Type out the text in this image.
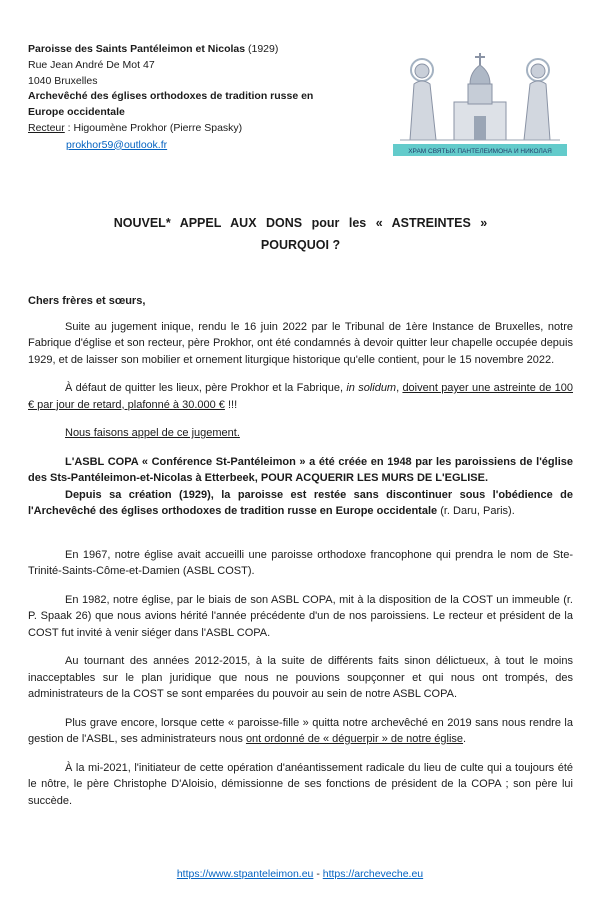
Paroisse des Saints Pantéleimon et Nicolas (1929)
Rue Jean André De Mot 47
1040 Bruxelles
Archevêché des églises orthodoxes de tradition russe en Europe occidentale
Recteur : Higoumène Prokhor (Pierre Spasky)
prokhor59@outlook.fr
ХРАМ СВЯТЫХ ПАНТЕЛЕИМОНА И НИКОЛАЯ
NOUVEL* APPEL AUX DONS pour les « ASTREINTES »
POURQUOI ?
Chers frères et sœurs,

Suite au jugement inique, rendu le 16 juin 2022 par le Tribunal de 1ère Instance de Bruxelles, notre Fabrique d'église et son recteur, père Prokhor, ont été condamnés à devoir quitter leur chapelle occupée depuis 1929, et de laisser son mobilier et ornement liturgique historique qu'elle contient, pour le 15 novembre 2022.

À défaut de quitter les lieux, père Prokhor et la Fabrique, in solidum, doivent payer une astreinte de 100 € par jour de retard, plafonné à 30.000 € !!!

Nous faisons appel de ce jugement.

L'ASBL COPA « Conférence St-Pantéleimon » a été créée en 1948 par les paroissiens de l'église des Sts-Pantéleimon-et-Nicolas à Etterbeek, POUR ACQUERIR LES MURS DE L'EGLISE.

Depuis sa création (1929), la paroisse est restée sans discontinuer sous l'obédience de l'Archevêché des églises orthodoxes de tradition russe en Europe occidentale (r. Daru, Paris).

En 1967, notre église avait accueilli une paroisse orthodoxe francophone qui prendra le nom de Ste-Trinité-Saints-Côme-et-Damien (ASBL COST).

En 1982, notre église, par le biais de son ASBL COPA, mit à la disposition de la COST un immeuble (r. P. Spaak 26) que nous avions hérité l'année précédente d'un de nos paroissiens. Le recteur et président de la COST fut invité à venir siéger dans l'ASBL COPA.

Au tournant des années 2012-2015, à la suite de différents faits sinon délictueux, à tout le moins inacceptables sur le plan juridique que nous ne pouvions soupçonner et qui nous ont trompés, des administrateurs de la COST se sont emparées du pouvoir au sein de notre ASBL COPA.

Plus grave encore, lorsque cette « paroisse-fille » quitta notre archevêché en 2019 sans nous rendre la gestion de l'ASBL, ses administrateurs nous ont ordonné de « déguerpir » de notre église.

À la mi-2021, l'initiateur de cette opération d'anéantissement radicale du lieu de culte qui a toujours été le nôtre, le père Christophe D'Aloisio, démissionne de ses fonctions de président de la COPA ; son père lui succède.

https://www.stpanteleimon.eu - https://archeveche.eu
